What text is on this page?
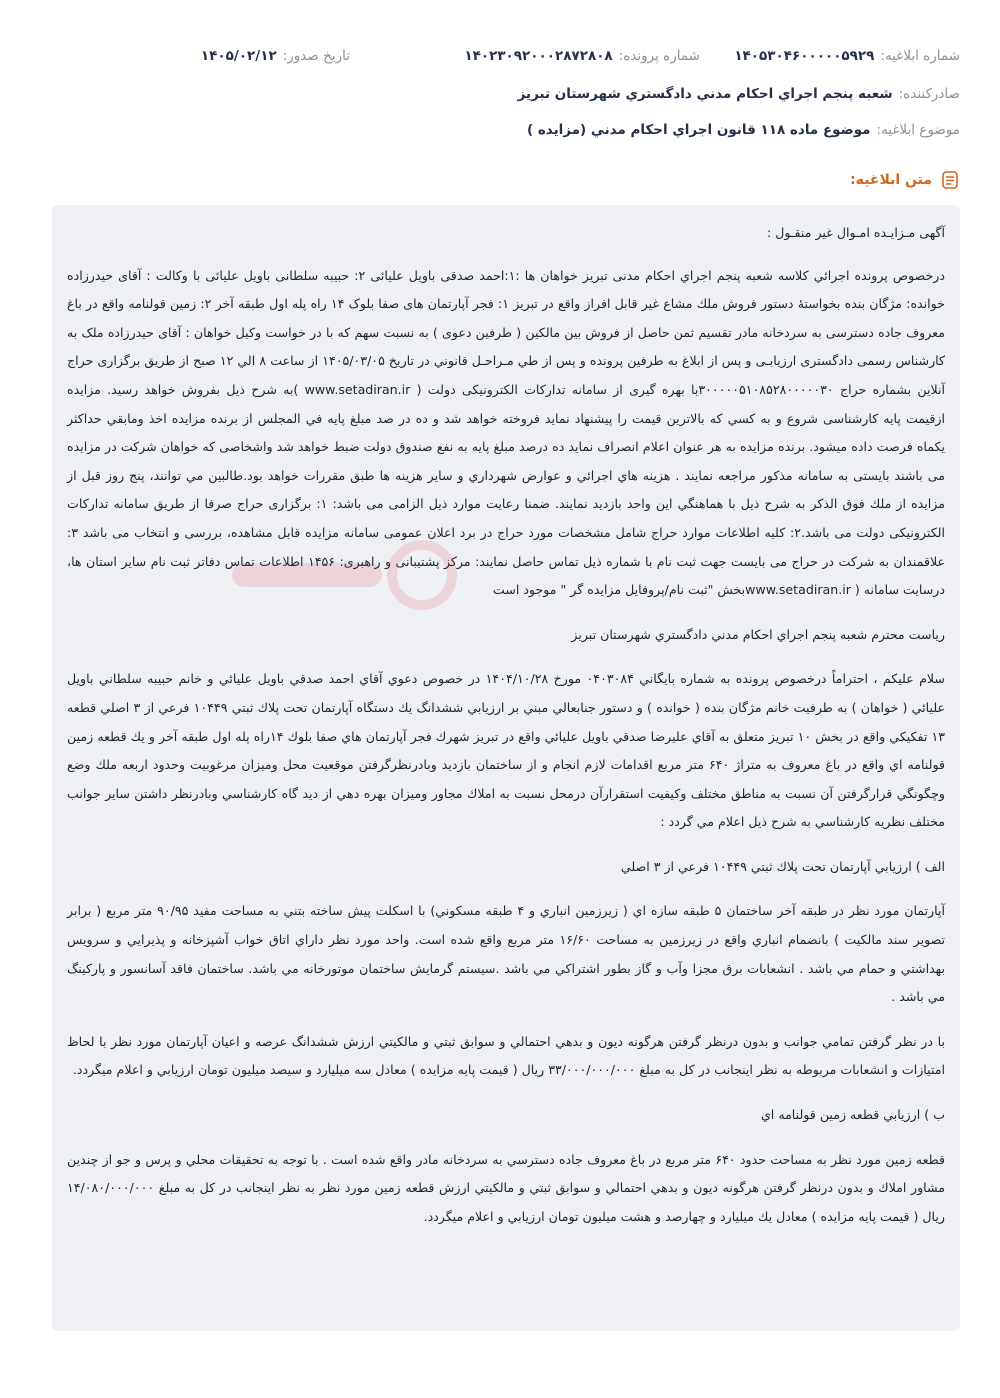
شماره ابلاغيه:
۱۴۰۵۳۰۴۶۰۰۰۰۰۵۹۲۹
شماره پرونده:
۱۴۰۲۳۰۹۲۰۰۰۲۸۷۲۸۰۸
تاريخ صدور:
۱۴۰۵/۰۲/۱۲
صادرکننده:
شعبه پنجم اجراي احكام مدني دادگستري شهرستان تبريز
موضوع ابلاغيه:
موضوع ماده ۱۱۸ قانون اجراي احكام مدني (مزايده )
متن ابلاغيه:

آگهی مـزایـده امـوال غیر منقـول :

درخصوص پرونده اجرائي كلاسه شعبه پنجم اجراي احكام مدنی تبریز خواهان ها :۱:احمد صدقی باویل علیائی ۲: حبیبه سلطانی باویل علیائی با وکالت : آقای حیدرزاده خوانده: مژگان بنده بخواستهٔ دستور فروش ملك مشاع غير قابل افراز واقع در تبریز ۱: فجر آپارتمان های صفا بلوک ۱۴ راه پله اول طبقه آخر ۲: زمین قولنامه واقع در باغ معروف جاده دسترسی به سردخانه مادر تقسیم ثمن حاصل از فروش بین مالکین ( طرفین دعوی ) به نسبت سهم که با در خواست وکیل خواهان : آقای حیدرزاده ملک به کارشناس رسمی دادگستری ارزیابـی و پس از ابلاغ به طرفین پرونده و پس از طي مـراحـل قانوني در تاریخ ۱۴۰۵/۰۳/۰۵ از ساعت ۸ الي ۱۲ صبح از طريق برگزاری حراج آنلاین بشماره حراج ۳۰۰۰۰۰۵۱۰۸۵۲۸۰۰۰۰۰۳۰با بهره گیری از سامانه تدارکات الکترونیکی دولت ( www.setadiran.ir )به شرح ذيل بفروش خواهد رسید. مزايده ازقيمت پايه كارشناسی شروع و به كسي كه بالاترين قيمت را پيشنهاد نمايد فروخته خواهد شد و ده در صد مبلغ پايه في المجلس از برنده مزايده اخذ ومابقي حداكثر يكماه فرصت داده ميشود. برنده مزايده به هر عنوان اعلام انصراف نمايد ده درصد مبلغ پایه به نفع صندوق دولت ضبط خواهد شد واشخاصی كه خواهان شركت در مزايده می باشند بايستی به سامانه مذکور مراجعه نمایند . هزينه هاي اجرائي و عوارض شهرداري و ساير هزينه ها طبق مقررات خواهد بود.طالبين مي توانند، پنج روز قبل از مزايده از ملك فوق الذكر به شرح ذيل با هماهنگي اين واحد بازديد نمايند. ضمنا رعايت موارد ذيل الزامی می باشد: ۱: برگزاری حراج صرفا از طريق سامانه تدارکات الکترونیکی دولت می باشد.۲: کلیه اطلاعات موارد حراج شامل مشخصات مورد حراج در برد اعلان عمومی سامانه مزایده قابل مشاهده، بررسی و انتخاب می باشد ۳: علاقمندان به شرکت در حراج می بایست جهت ثبت نام با شماره ذیل تماس حاصل نمایند: مرکز پشتیبانی و راهبری: ۱۴۵۶ اطلاعات تماس دفاتر ثبت نام سایر استان ها، درسایت سامانه ( www.setadiran.irبخش "ثبت نام/پروفایل مزایده گر " موجود است

رياست محترم شعبه پنجم اجراي احكام مدني دادگستري شهرستان تبريز

سلام عليكم ، احتراماً درخصوص پرونده به شماره بايگاني ۰۴۰۳۰۸۴ مورخ ۱۴۰۴/۱۰/۲۸ در خصوص دعوي آقاي احمد صدقي باويل عليائي و خانم حبيبه سلطاني باويل عليائي ( خواهان ) به طرفيت خانم مژگان بنده ( خوانده ) و دستور جنابعالي مبني بر ارزيابي ششدانگ يك دستگاه آپارتمان تحت پلاك ثبتي ۱۰۴۴۹ فرعي از ۳ اصلي قطعه ۱۳ تفكيكي واقع در بخش ۱۰ تبريز متعلق به آقاي عليرضا صدقي باويل عليائي واقع در تبريز شهرك فجر آپارتمان هاي صفا بلوك ۱۴راه پله اول طبقه آخر و يك قطعه زمين قولنامه اي واقع در باغ معروف به متراژ ۶۴۰ متر مربع اقدامات لازم انجام و از ساختمان بازديد وبادرنظرگرفتن موقعيت محل وميزان مرغوبيت وحدود اربعه ملك وضع وچگونگي قرارگرفتن آن نسبت به مناطق مختلف وكيفيت استقرارآن درمحل نسبت به املاك مجاور وميزان بهره دهي از ديد گاه كارشناسي وبادرنظر داشتن ساير جوانب مختلف نظريه كارشناسي به شرح ذيل اعلام مي گردد :

الف ) ارزيابي آپارتمان تحت پلاك ثبتي ۱۰۴۴۹ فرعي از ۳ اصلي

آپارتمان مورد نظر در طبقه آخر ساختمان ۵ طبقه سازه اي ( زيرزمين انباري و ۴ طبقه مسكوني) با اسكلت پيش ساخته بتني به مساحت مفيد ۹۰/۹۵ متر مربع ( برابر تصوير سند مالكيت ) بانضمام انباري واقع در زيرزمين به مساحت ۱۶/۶۰ متر مربع واقع شده است. واحد مورد نظر داراي اتاق خواب آشپزخانه و پذيرايي و سرويس بهداشتي و حمام مي باشد . انشعابات برق مجزا وآب و گاز بطور اشتراكي مي باشد .سيستم گرمايش ساختمان موتورخانه مي باشد. ساختمان فاقد آسانسور و پاركينگ مي باشد .

با در نظر گرفتن تمامي جوانب و بدون درنظر گرفتن هرگونه ديون و بدهي احتمالي و سوابق ثبتي و مالكيتي ارزش ششدانگ عرصه و اعيان آپارتمان مورد نظر با لحاظ امتيازات و انشعابات مربوطه به نظر اينجانب در كل به مبلغ ۳۳/۰۰۰/۰۰۰/۰۰۰ ريال ( قيمت پايه مزايده ) معادل سه ميليارد و سيصد ميليون تومان ارزيابي و اعلام ميگردد.

ب ) ارزيابي قطعه زمين قولنامه اي

قطعه زمين مورد نظر به مساحت حدود ۶۴۰ متر مربع در باغ معروف جاده دسترسي به سردخانه مادر واقع شده است . با توجه به تحقيقات محلي و پرس و جو از چندين مشاور املاك و بدون درنظر گرفتن هرگونه ديون و بدهي احتمالي و سوابق ثبتي و مالكيتي ارزش قطعه زمين مورد نظر به نظر اينجانب در كل به مبلغ ۱۴/۰۸۰/۰۰۰/۰۰۰ ريال ( قيمت پايه مزايده ) معادل يك ميليارد و چهارصد و هشت ميليون تومان ارزيابي و اعلام ميگردد.
